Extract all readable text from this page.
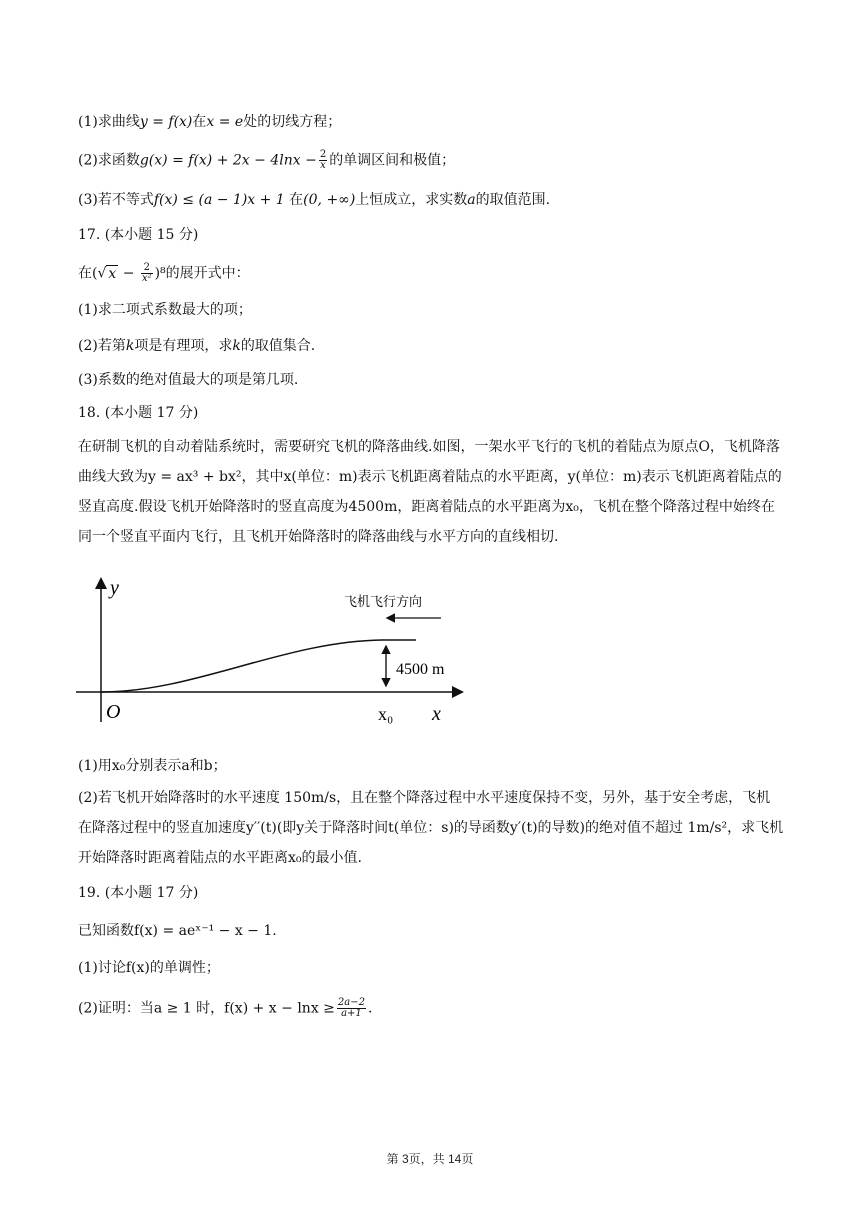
(1)求曲线y = f(x)在x = e处的切线方程；
(2)求函数$g(x) = f(x) + 2x - 4\ln x - \frac{2}{x}$ 的单调区间和极值；
(3)若不等式f(x) ≤ (a − 1)x + 1 在(0, +∞)上恒成立，求实数a的取值范围.
17. (本小题 15 分)
在(√ $x - \frac{2}{\text{x²}} )^8$的展开式中：
(1)求二项式系数最大的项；
(2)若第k项是有理项，求k的取值集合.
(3)系数的绝对值最大的项是第几项.
18. (本小题 17 分)
在研制飞机的自动着陆系统时，需要研究飞机的降落曲线.如图，一架水平飞行的飞机的着陆点为原点O，飞机降落曲线大致为y = ax³ + bx²，其中x(单位：m)表示飞机距离着陆点的水平距离，y(单位：m)表示飞机距离着陆点的竖直高度.假设飞机开始降落时的竖直高度为4500m，距离着陆点的水平距离为x₀，飞机在整个降落过程中始终在同一个竖直平面内飞行，且飞机开始降落时的降落曲线与水平方向的直线相切.
y
x
O	x₀
4500 m
飞机飞行方向
(1)用x₀分别表示a和b；
(2)若飞机开始降落时的水平速度 150m/s，且在整个降落过程中水平速度保持不变，另外，基于安全考虑，飞机在降落过程中的竖直加速度y′′(t)(即y关于降落时间t(单位：s)的导函数y′(t)的导数)的绝对值不超过 1m/s²，求飞机开始降落时距离着陆点的水平距离x₀的最小值.
19. (本小题 17 分)
已知函数f(x) = aeˣ⁻¹ − x − 1.
(1)讨论f(x)的单调性；
(2)证明：当a ≥ 1 时，$f(x) + x - \ln x \ge \frac{2a-2}{a+1}$ .
第 3页，共 14页
